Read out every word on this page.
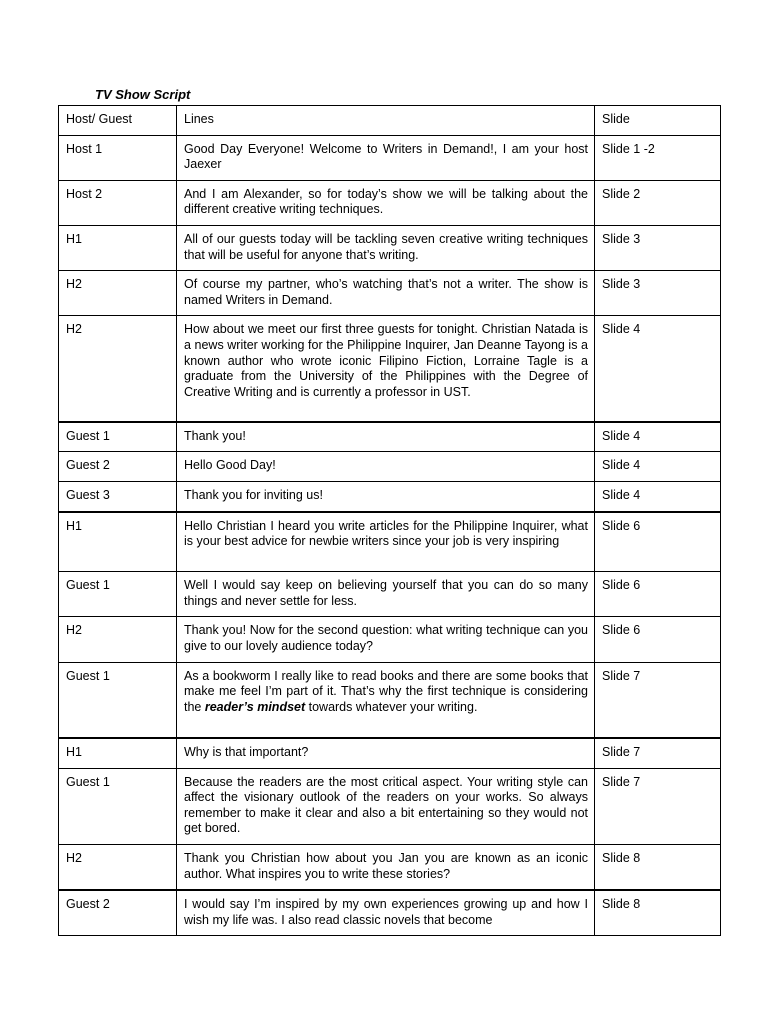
TV Show Script
Host/ Guest	Lines	Slide
Host 1	Good Day Everyone! Welcome to Writers in Demand!, I am your host Jaexer	Slide 1 -2
Host 2	And I am Alexander, so for today’s show we will be talking about the different creative writing techniques.	Slide 2
H1	All of our guests today will be tackling seven creative writing techniques that will be useful for anyone that’s writing.	Slide 3
H2	Of course my partner, who’s watching that’s not a writer. The show is named Writers in Demand.	Slide 3
H2	How about we meet our first three guests for tonight. Christian Natada is a news writer working for the Philippine Inquirer, Jan Deanne Tayong is a known author who wrote iconic Filipino Fiction, Lorraine Tagle is a graduate from the University of the Philippines with the Degree of Creative Writing and is currently a professor in UST.	Slide 4
Guest 1	Thank you!	Slide 4
Guest 2	Hello Good Day!	Slide 4
Guest 3	Thank you for inviting us!	Slide 4
H1	Hello Christian I heard you write articles for the Philippine Inquirer, what is your best advice for newbie writers since your job is very inspiring	Slide 6
Guest 1	Well I would say keep on believing yourself that you can do so many things and never settle for less.	Slide 6
H2	Thank you! Now for the second question: what writing technique can you give to our lovely audience today?	Slide 6
Guest 1	As a bookworm I really like to read books and there are some books that make me feel I’m part of it. That’s why the first technique is considering the reader’s mindset towards whatever your writing.	Slide 7
H1	Why is that important?	Slide 7
Guest 1	Because the readers are the most critical aspect. Your writing style can affect the visionary outlook of the readers on your works. So always remember to make it clear and also a bit entertaining so they would not get bored.	Slide 7
H2	Thank you Christian how about you Jan you are known as an iconic author. What inspires you to write these stories?	Slide 8
Guest 2	I would say I’m inspired by my own experiences growing up and how I wish my life was. I also read classic novels that become	Slide 8
